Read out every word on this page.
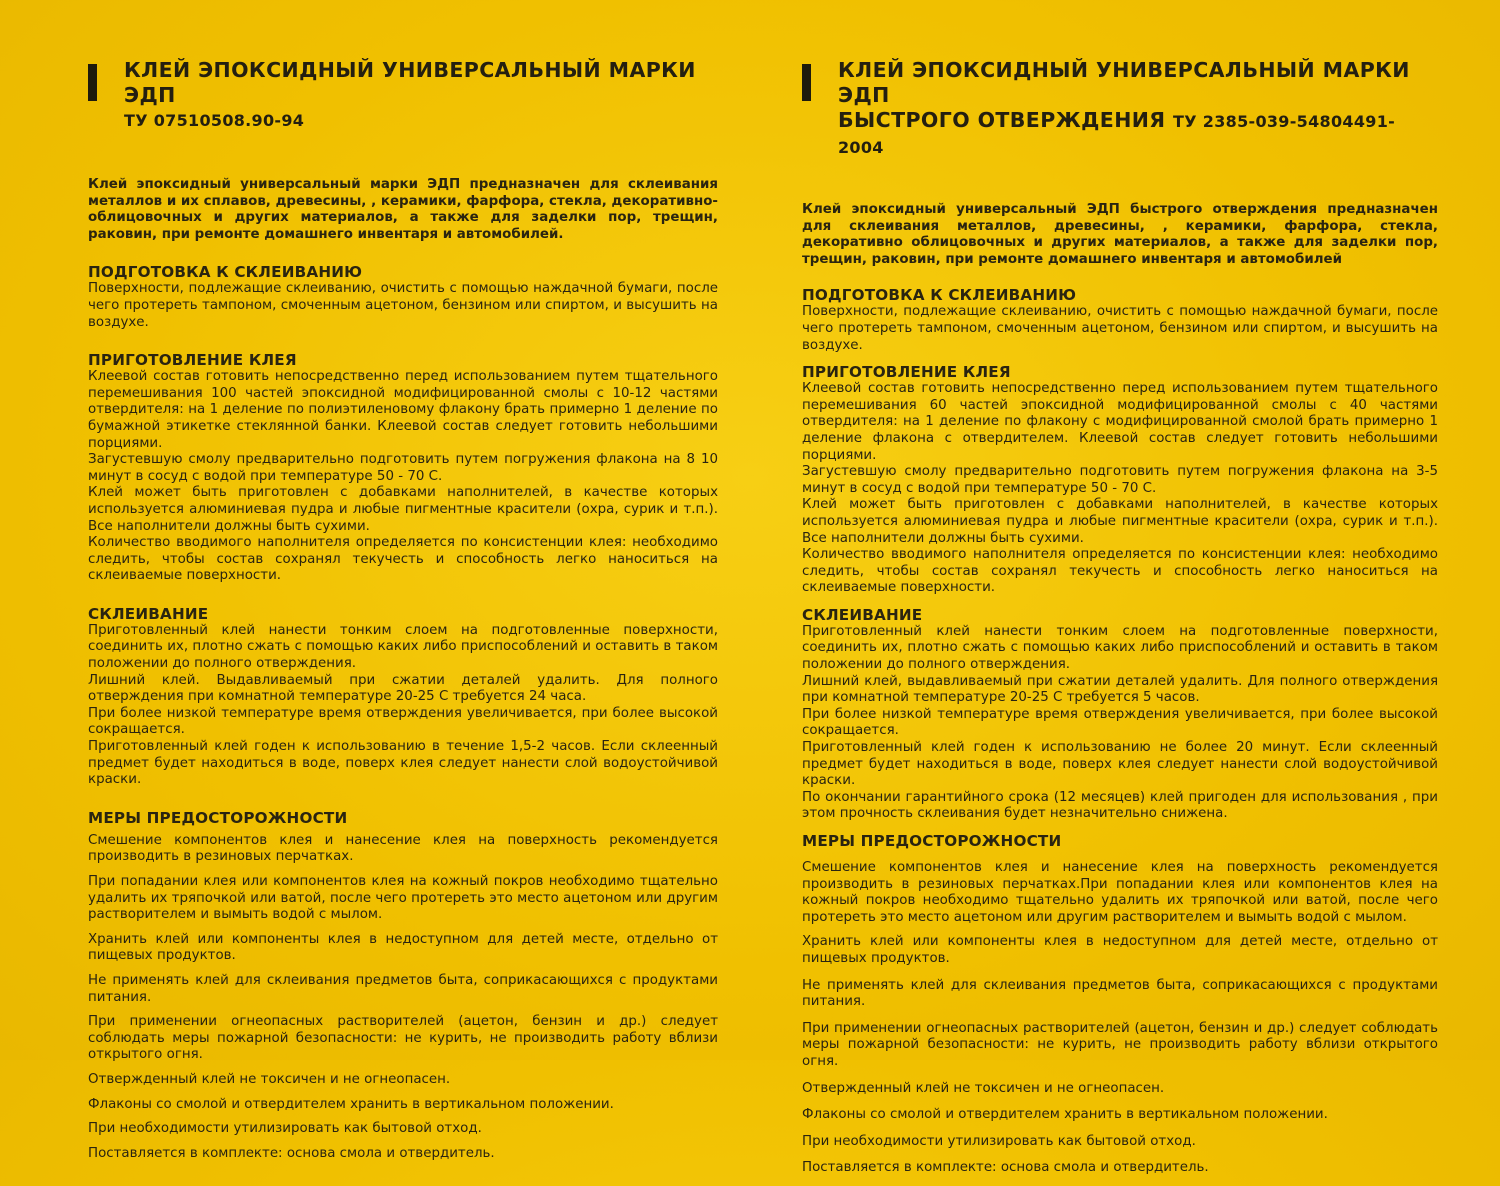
КЛЕЙ ЭПОКСИДНЫЙ УНИВЕРСАЛЬНЫЙ МАРКИ ЭДП
ТУ 07510508.90-94

Клей эпоксидный универсальный марки ЭДП предназначен для склеивания металлов и их сплавов, древесины, , керамики, фарфора, стекла, декоративно-облицовочных и других материалов, а также для заделки пор, трещин, раковин, при ремонте домашнего инвентаря и автомобилей.

ПОДГОТОВКА К СКЛЕИВАНИЮ

Поверхности, подлежащие склеиванию, очистить с помощью наждачной бумаги, после чего протереть тампоном, смоченным ацетоном, бензином или спиртом, и высушить на воздухе.

ПРИГОТОВЛЕНИЕ КЛЕЯ

Клеевой состав готовить непосредственно перед использованием путем тщательного перемешивания 100 частей эпоксидной модифицированной смолы с 10-12 частями отвердителя: на 1 деление по полиэтиленовому флакону брать примерно 1 деление по бумажной этикетке стеклянной банки. Клеевой состав следует готовить небольшими порциями.

Загустевшую смолу предварительно подготовить путем погружения флакона на 8 10 минут в сосуд с водой при температуре 50 - 70 С.

Клей может быть приготовлен с добавками наполнителей, в качестве которых используется алюминиевая пудра и любые пигментные красители (охра, сурик и т.п.). Все наполнители должны быть сухими.

Количество вводимого наполнителя определяется по консистенции клея: необходимо следить, чтобы состав сохранял текучесть и способность легко наноситься на склеиваемые поверхности.

СКЛЕИВАНИЕ

Приготовленный клей нанести тонким слоем на подготовленные поверхности, соединить их, плотно сжать с помощью каких либо приспособлений и оставить в таком положении до полного отверждения.

Лишний клей. Выдавливаемый при сжатии деталей удалить. Для полного отверждения при комнатной температуре 20-25 С требуется 24 часа.

При более низкой температуре время отверждения увеличивается, при более высокой сокращается.

Приготовленный клей годен к использованию в течение 1,5-2 часов. Если склеенный предмет будет находиться в воде, поверх клея следует нанести слой водоустойчивой краски.

МЕРЫ ПРЕДОСТОРОЖНОСТИ

Смешение компонентов клея и нанесение клея на поверхность рекомендуется производить в резиновых перчатках.

При попадании клея или компонентов клея на кожный покров необходимо тщательно удалить их тряпочкой или ватой, после чего протереть это место ацетоном или другим растворителем и вымыть водой с мылом.

Хранить клей или компоненты клея в недоступном для детей месте, отдельно от пищевых продуктов.

Не применять клей для склеивания предметов быта, соприкасающихся с продуктами питания.

При применении огнеопасных растворителей (ацетон, бензин и др.) следует соблюдать меры пожарной безопасности: не курить, не производить работу вблизи открытого огня.

Отвержденный клей не токсичен и не огнеопасен.

Флаконы со смолой и отвердителем хранить в вертикальном положении.

При необходимости утилизировать как бытовой отход.

Поставляется в комплекте: основа смола и отвердитель.

КЛЕЙ ЭПОКСИДНЫЙ УНИВЕРСАЛЬНЫЙ МАРКИ ЭДП
БЫСТРОГО ОТВЕРЖДЕНИЯ ТУ 2385-039-54804491-2004

Клей эпоксидный универсальный ЭДП быстрого отверждения предназначен для склеивания металлов, древесины, , керамики, фарфора, стекла, декоративно облицовочных и других материалов, а также для заделки пор, трещин, раковин, при ремонте домашнего инвентаря и автомобилей

ПОДГОТОВКА К СКЛЕИВАНИЮ

Поверхности, подлежащие склеиванию, очистить с помощью наждачной бумаги, после чего протереть тампоном, смоченным ацетоном, бензином или спиртом, и высушить на воздухе.

ПРИГОТОВЛЕНИЕ КЛЕЯ

Клеевой состав готовить непосредственно перед использованием путем тщательного перемешивания 60 частей эпоксидной модифицированной смолы с 40 частями отвердителя: на 1 деление по флакону с модифицированной смолой брать примерно 1 деление флакона с отвердителем. Клеевой состав следует готовить небольшими порциями.

Загустевшую смолу предварительно подготовить путем погружения флакона на 3-5 минут в сосуд с водой при температуре 50 - 70 С.

Клей может быть приготовлен с добавками наполнителей, в качестве которых используется алюминиевая пудра и любые пигментные красители (охра, сурик и т.п.). Все наполнители должны быть сухими.

Количество вводимого наполнителя определяется по консистенции клея: необходимо следить, чтобы состав сохранял текучесть и способность легко наноситься на склеиваемые поверхности.

СКЛЕИВАНИЕ

Приготовленный клей нанести тонким слоем на подготовленные поверхности, соединить их, плотно сжать с помощью каких либо приспособлений и оставить в таком положении до полного отверждения.

Лишний клей, выдавливаемый при сжатии деталей удалить. Для полного отверждения при комнатной температуре 20-25 С требуется 5 часов.

При более низкой температуре время отверждения увеличивается, при более высокой сокращается.

Приготовленный клей годен к использованию не более 20 минут. Если склеенный предмет будет находиться в воде, поверх клея следует нанести слой водоустойчивой краски.

По окончании гарантийного срока (12 месяцев) клей пригоден для использования , при этом прочность склеивания будет незначительно снижена.

МЕРЫ ПРЕДОСТОРОЖНОСТИ

Смешение компонентов клея и нанесение клея на поверхность рекомендуется производить в резиновых перчатках.При попадании клея или компонентов клея на кожный покров необходимо тщательно удалить их тряпочкой или ватой, после чего протереть это место ацетоном или другим растворителем и вымыть водой с мылом.

Хранить клей или компоненты клея в недоступном для детей месте, отдельно от пищевых продуктов.

Не применять клей для склеивания предметов быта, соприкасающихся с продуктами питания.

При применении огнеопасных растворителей (ацетон, бензин и др.) следует соблюдать меры пожарной безопасности: не курить, не производить работу вблизи открытого огня.

Отвержденный клей не токсичен и не огнеопасен.

Флаконы со смолой и отвердителем хранить в вертикальном положении.

При необходимости утилизировать как бытовой отход.

Поставляется в комплекте: основа смола и отвердитель.
